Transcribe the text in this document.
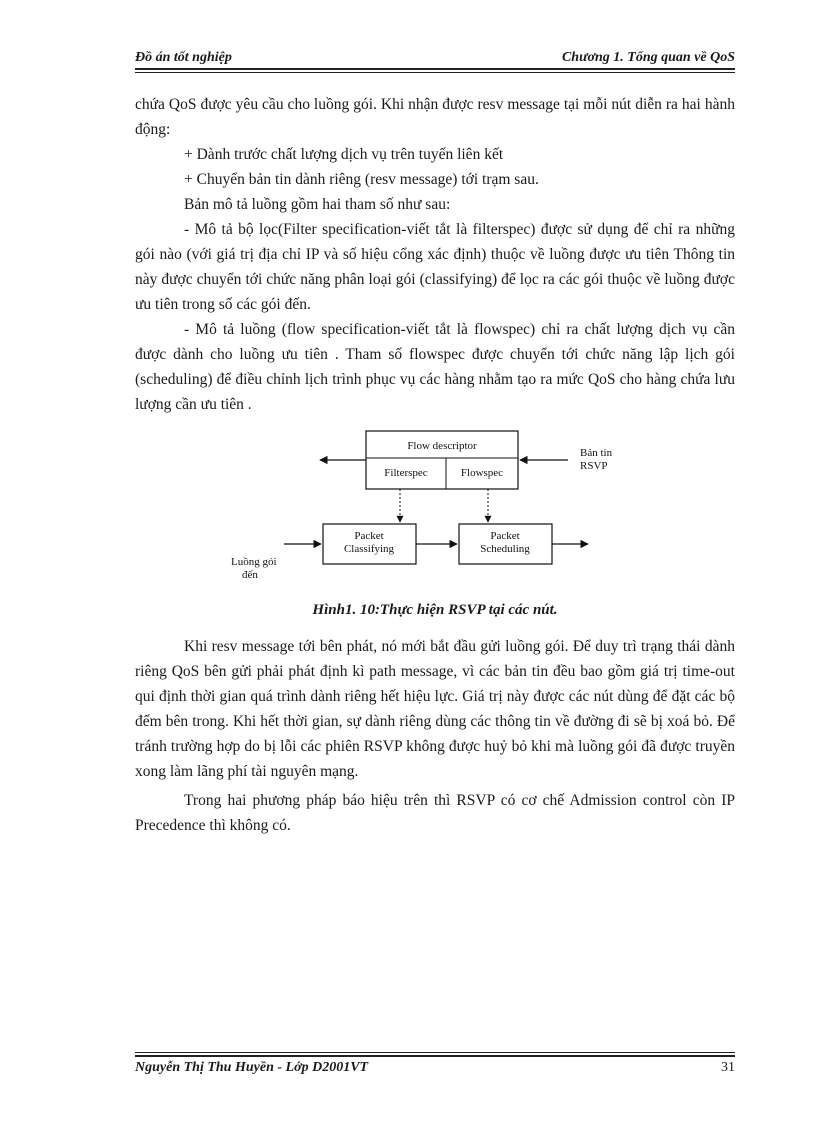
Đồ án tốt nghiệp	Chương 1. Tổng quan về QoS

chứa QoS được yêu cầu cho luồng gói. Khi nhận được resv message tại mỗi nút diễn ra hai hành động:

+ Dành trước chất lượng dịch vụ trên tuyến liên kết

+ Chuyển bản tin dành riêng (resv message) tới trạm sau.

Bản mô tả luồng gồm hai tham số như sau:

- Mô tả bộ lọc(Filter specification-viết tắt là filterspec) được sử dụng để chỉ ra những gói nào (với giá trị địa chỉ IP và số hiệu cổng xác định) thuộc về luồng được ưu tiên Thông tin này được chuyển tới chức năng phân loại gói (classifying) để lọc ra các gói thuộc về luồng được ưu tiên trong số các gói đến.

- Mô tả luồng (flow specification-viết tắt là flowspec) chỉ ra chất lượng dịch vụ cần được dành cho luồng ưu tiên . Tham số flowspec được chuyển tới chức năng lập lịch gói (scheduling) để điều chỉnh lịch trình phục vụ các hàng nhằm tạo ra mức QoS cho hàng chứa lưu lượng cần ưu tiên .

Flow descriptor
Filterspec	Flowspec
Bản tin
RSVP
Packet
Classifying
Packet
Scheduling
Luồng gói
đến
Hình1. 10:Thực hiện RSVP tại các nút.

Khi resv message tới bên phát, nó mới bắt đầu gửi luồng gói. Để duy trì trạng thái dành riêng QoS bên gửi phải phát định kì path message, vì các bản tin đều bao gồm giá trị time-out qui định thời gian quá trình dành riêng hết hiệu lực. Giá trị này được các nút dùng để đặt các bộ đếm bên trong. Khi hết thời gian, sự dành riêng dùng các thông tin về đường đi sẽ bị xoá bỏ. Để tránh trường hợp do bị lỗi các phiên RSVP không được huỷ bỏ khi mà luồng gói đã được truyền xong làm lãng phí tài nguyên mạng.

Trong hai phương pháp báo hiệu trên thì RSVP có cơ chế Admission control còn IP Precedence thì không có.

Nguyễn Thị Thu Huyền - Lớp D2001VT	31
